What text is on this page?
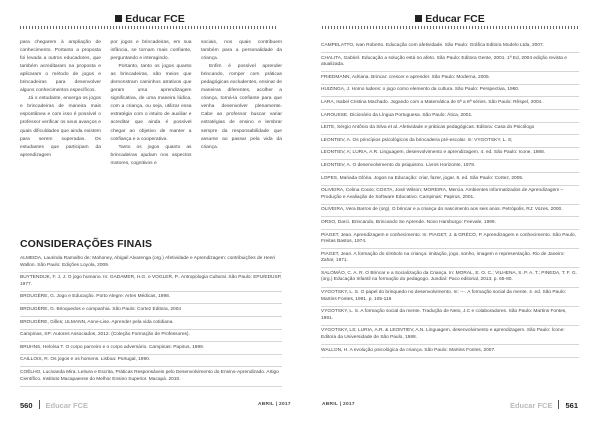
Educar FCE

para chegarem à ampliação de conhecimento. Portanto a proposta foi levada a outros educadores, que também acreditaram na proposta e aplicaram o método de jogos e brincadeiras para desenvolver alguns conhecimentos específicos.

Já o estudante, enxerga os jogos e brincadeiras de maneira mais espontânea e com isso é possível o professor verificar os seus avanços e quais dificuldades que ainda existem para serem superadas. Os estudantes que participam da aprendizagem

por jogos e brincadeiras, em sua infância, se tornam mais confiante, perguntando e interagindo.

Portanto, tanto os jogos quanto as brincadeiras, são meios que demonstram caminhos atrativos que geram uma aprendizagem significativa, de uma maneira lúdica, com a criança, ou seja, utilizar essa estratégia com o intuito de auxiliar e acreditar que ainda é possível chegar ao objetivo de manter a confiança e a cooperativa.

Tanto os jogos quanto as brincadeiras ajudam nos aspectos motores, cognitivos e

sociais, nos quais contribuem também para a personalidade da criança.

Enfim é possível aprender brincando, romper com práticas pedagógicas excludentes, ensinar de maneiras diferentes, acolher a criança, torná-la confiante para que venha desenvolver plenamente. Cabe ao professor buscar variar estratégias de ensino e lembrar sempre da responsabilidade que assume ao passar pela vida da criança.

CONSIDERAÇÕES FINAIS
ALMEIDA, Laurinda Ramalho de; Mahoney, Abigail Alvarenga (org.) Afetividade e Aprendizagem: contribuições de Henri Wallon. São Paulo: Edições Loyola, 2009.
BUYTENDIJK, F. J. J. O jogo humano. In: GADAMER, H.G. e VOGLER, P.. Antropologia Cultural. São Paulo: EPU/EDUSP, 1977.
BROUGÈRE, G. Jogo e Educação. Porto Alegre: Artes Médicas, 1998.
BROUGÈRE, G. Brinquedos e companhia. São Paulo: Cortez Editora, 2004
BROUGÈRE, Gilles; ULMANN, Anne-Lise. Aprender pela vida cotidiana.
Campinas, SP: Autores Associados, 2012. (Coleção Formação de Professores).
BRUHNS, Heloísa T. O corpo parceiro e o corpo adversário. Campinas: Papirus, 1999.
CAILLOIS, R. Os jogos e os homens. Lisboa: Portugal, 1990.
COÊLHO, Lucivanda Mira. Leitura e Escrita, Práticas Responsáveis pelo Desenvolvimento do Ensino-Aprendizado. Artigo Científico. Instituto Macapaense do Melhor Ensino Superior. Macapá. 2010.
560 Educar FCE	ABRIL | 2017
Educar FCE
CAMPELATTO, Ivan Roberto. Educação com afetividade. São Paulo: Gráfica Editora Modelo Ltda, 2007.
CHALITA, Gabriel. Educação a solução está no afeto. São Paulo: Editora Gente, 2001. 1ª Ed, 2004 edição revista e atualizada.
FRIEDMANN, Adriana. Brincar: crescer e aprender. São Paulo: Moderna, 2005.
HUIZINGA, J. Homo ludens: o jogo como elemento da cultura. São Paulo: Perspectiva, 1980.
LARA, Isabel Cristina Machado. Jogando com a Matemática de 5ª a 8ª séries. São Paulo: Rêspel, 2004.
LAROUSSE. Dicionário da Língua Portuguesa. São Paulo: Ática, 2001.
LEITE, Sérgio Antônio da Silva et al. Afetividade e práticas pedagógicas. Editora: Casa do Psicólogo
LEONTIEV, A. Os princípios psicológicos da brincadeira pré-escolar. In: VYGOTSKY, L. S;
LEONTIEV, A; LURIA, A.R. Linguagem, desenvolvimento e aprendizagem. 4. ed. São Paulo: Icone, 1988.
LEONTIEV, A. O desenvolvimento do psiquismo. Livros Horizonte, 1978.
LOPES, Mariada Glória. Jogos na Educação: criar, fazer, jogar. 6. ed. São Paulo: Cortez, 2005.
OLIVEIRA, Celina Couto; COSTA, José Wilson; MOREIRA, Mercia. Ambientes informatizados de Aprendizagem – Produção e Avaliação de Software Educativo. Campinas: Papirus, 2001.
OLIVEIRA, Vera Barros de (org). O brincar e a criança do nascimento aos seis anos. Petrópolis, RJ: Vozes, 2000.
ORSO, Darci. Brincando, Brincando Se Aprende. Novo Hamburgo: Feevale, 1999.
PIAGET, Jean. Aprendizagem e conhecimento. In: PIAGET, J. & GRÉCO, P. Aprendizagem e conhecimento. São Paulo, Freitas Bastos, 1974.
PIAGET, Jean. A formação do símbolo na criança: imitação, jogo, sonho, imagem e representação. Rio de Janeiro: Zahar, 1971.
SALOMÃO, C. A. R. O Brincar e a Socialização da Criança. In: MORAL, E. O. C.; VILHENA, S. P. A. T.; PINEDA, T. F. G. (org.) Educação Infantil na formação do pedagogo. Jundiaí: Paco editorial, 2013. p. 65-80.
VYGOTSKY, L. S. O papel do brinquedo no desenvolvimento. In: ---. A formação social da mente. 4. ed. São Paulo: Martins Fontes, 1991. p. 105-118
VYGOTSKY, L. S. A formação social da mente. Tradução de Neto, J.C e colaboradores. São Paulo: Martins Fontes, 1991.
VYGOTSKY, LS; LURIA, A.R. & LEONTIEV, A.N. Linguagem, desenvolvimento e aprendizagem. São Paulo: Ícone: Editora da Universidade de São Paulo, 1988.
WALLON, H. A evolução psicológica da criança. São Paulo: Martins Fontes, 2007.
ABRIL | 2017	Educar FCE 561
